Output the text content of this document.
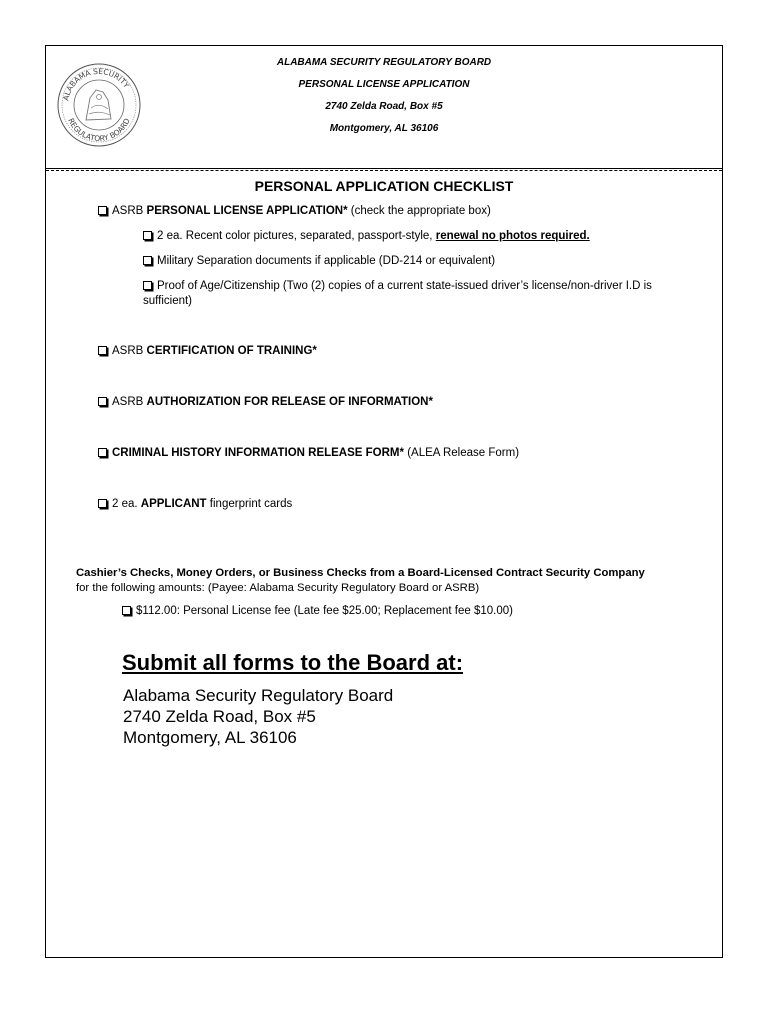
ALABAMA SECURITY
REGULATORY BOARD
ALABAMA SECURITY REGULATORY BOARD
PERSONAL LICENSE APPLICATION
2740 Zelda Road, Box #5
Montgomery, AL 36106
PERSONAL APPLICATION CHECKLIST
ASRB PERSONAL LICENSE APPLICATION* (check the appropriate box)
2 ea. Recent color pictures, separated, passport-style, renewal no photos required.
Military Separation documents if applicable (DD-214 or equivalent)
Proof of Age/Citizenship (Two (2) copies of a current state-issued driver’s license/non-driver I.D is
sufficient)
ASRB CERTIFICATION OF TRAINING*
ASRB AUTHORIZATION FOR RELEASE OF INFORMATION*
CRIMINAL HISTORY INFORMATION RELEASE FORM* (ALEA Release Form)
2 ea. APPLICANT fingerprint cards
Cashier’s Checks, Money Orders, or Business Checks from a Board-Licensed Contract Security Company
for the following amounts: (Payee: Alabama Security Regulatory Board or ASRB)
$112.00: Personal License fee (Late fee $25.00; Replacement fee $10.00)
Submit all forms to the Board at:
Alabama Security Regulatory Board
2740 Zelda Road, Box #5
Montgomery, AL 36106
